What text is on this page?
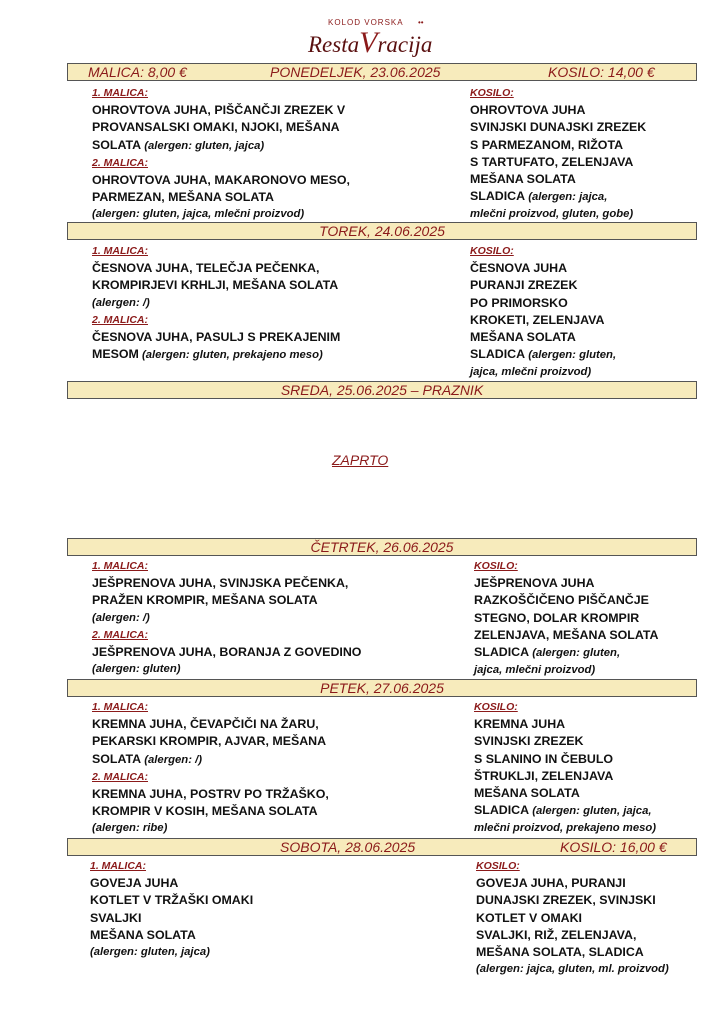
KOLOD VORSKA ••
RestaVracija
MALICA: 8,00 €	PONEDELJEK, 23.06.2025	KOSILO: 14,00 €
1. MALICA:
OHROVTOVA JUHA, PIŠČANČJI ZREZEK V
PROVANSALSKI OMAKI, NJOKI, MEŠANA
SOLATA (alergen: gluten, jajca)
2. MALICA:
OHROVTOVA JUHA, MAKARONOVO MESO,
PARMEZAN, MEŠANA SOLATA
(alergen: gluten, jajca, mlečni proizvod)
KOSILO:
OHROVTOVA JUHA
SVINJSKI DUNAJSKI ZREZEK
S PARMEZANOM, RIŽOTA
S TARTUFATO, ZELENJAVA
MEŠANA SOLATA
SLADICA (alergen: jajca,
mlečni proizvod, gluten, gobe)
TOREK, 24.06.2025
1. MALICA:
ČESNOVA JUHA, TELEČJA PEČENKA,
KROMPIRJEVI KRHLJI, MEŠANA SOLATA
(alergen: /)
2. MALICA:
ČESNOVA JUHA, PASULJ S PREKAJENIM
MESOM (alergen: gluten, prekajeno meso)
KOSILO:
ČESNOVA JUHA
PURANJI ZREZEK
PO PRIMORSKO
KROKETI, ZELENJAVA
MEŠANA SOLATA
SLADICA (alergen: gluten,
jajca, mlečni proizvod)
SREDA, 25.06.2025 – PRAZNIK
ZAPRTO
ČETRTEK, 26.06.2025
1. MALICA:
JEŠPRENOVA JUHA, SVINJSKA PEČENKA,
PRAŽEN KROMPIR, MEŠANA SOLATA
(alergen: /)
2. MALICA:
JEŠPRENOVA JUHA, BORANJA Z GOVEDINO
(alergen: gluten)
KOSILO:
JEŠPRENOVA JUHA
RAZKOŠČIČENO PIŠČANČJE
STEGNO, DOLAR KROMPIR
ZELENJAVA, MEŠANA SOLATA
SLADICA (alergen: gluten,
jajca, mlečni proizvod)
PETEK, 27.06.2025
1. MALICA:
KREMNA JUHA, ČEVAPČIČI NA ŽARU,
PEKARSKI KROMPIR, AJVAR, MEŠANA
SOLATA (alergen: /)
2. MALICA:
KREMNA JUHA, POSTRV PO TRŽAŠKO,
KROMPIR V KOSIH, MEŠANA SOLATA
(alergen: ribe)
KOSILO:
KREMNA JUHA
SVINJSKI ZREZEK
S SLANINO IN ČEBULO
ŠTRUKLJI, ZELENJAVA
MEŠANA SOLATA
SLADICA (alergen: gluten, jajca,
mlečni proizvod, prekajeno meso)
SOBOTA, 28.06.2025	KOSILO: 16,00 €
1. MALICA:
GOVEJA JUHA
KOTLET V TRŽAŠKI OMAKI
SVALJKI
MEŠANA SOLATA
(alergen: gluten, jajca)
KOSILO:
GOVEJA JUHA, PURANJI
DUNAJSKI ZREZEK, SVINJSKI
KOTLET V OMAKI
SVALJKI, RIŽ, ZELENJAVA,
MEŠANA SOLATA, SLADICA
(alergen: jajca, gluten, ml. proizvod)
